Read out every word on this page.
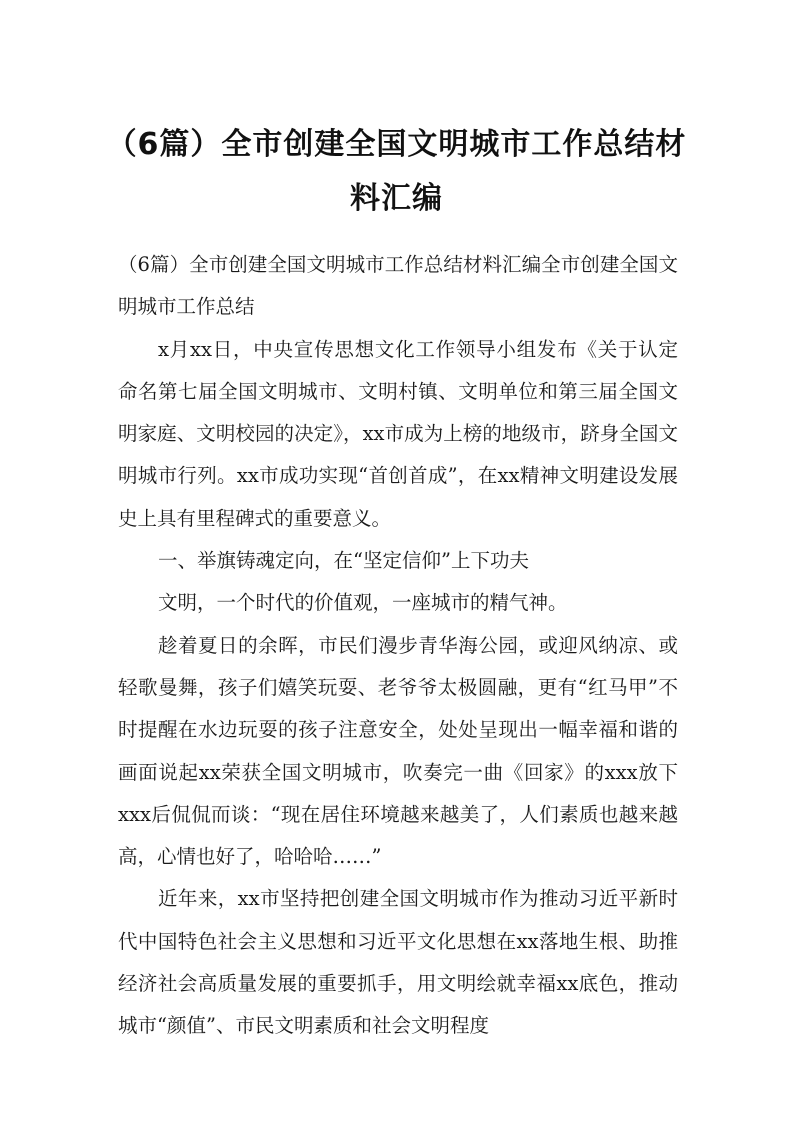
（6篇）全市创建全国文明城市工作总结材料汇编

（6篇）全市创建全国文明城市工作总结材料汇编全市创建全国文明城市工作总结

x月xx日，中央宣传思想文化工作领导小组发布《关于认定命名第七届全国文明城市、文明村镇、文明单位和第三届全国文明家庭、文明校园的决定》，xx市成为上榜的地级市，跻身全国文明城市行列。xx市成功实现“首创首成”，在xx精神文明建设发展史上具有里程碑式的重要意义。

一、举旗铸魂定向，在“坚定信仰”上下功夫

文明，一个时代的价值观，一座城市的精气神。

趁着夏日的余晖，市民们漫步青华海公园，或迎风纳凉、或轻歌曼舞，孩子们嬉笑玩耍、老爷爷太极圆融，更有“红马甲”不时提醒在水边玩耍的孩子注意安全，处处呈现出一幅幸福和谐的画面说起xx荣获全国文明城市，吹奏完一曲《回家》的xxx放下xxx后侃侃而谈：“现在居住环境越来越美了，人们素质也越来越高，心情也好了，哈哈哈……”

近年来，xx市坚持把创建全国文明城市作为推动习近平新时代中国特色社会主义思想和习近平文化思想在xx落地生根、助推经济社会高质量发展的重要抓手，用文明绘就幸福xx底色，推动城市“颜值”、市民文明素质和社会文明程度
